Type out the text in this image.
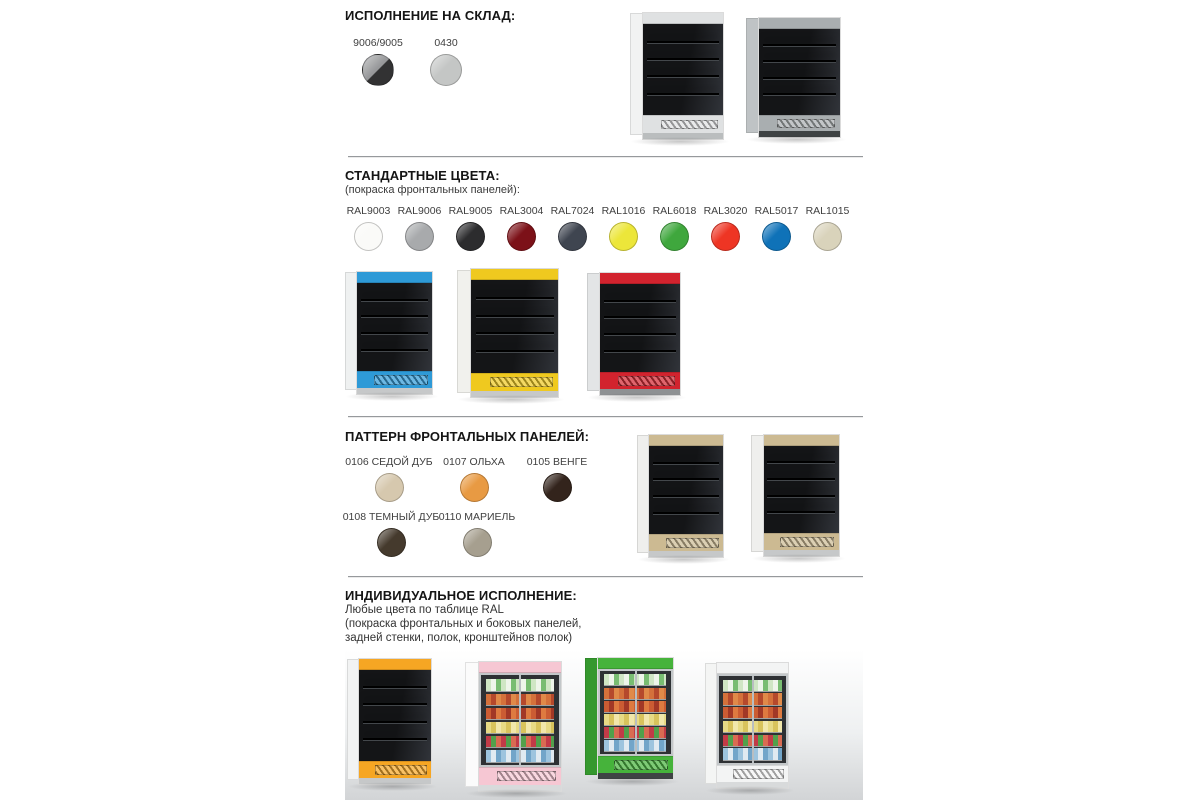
ИСПОЛНЕНИЕ НА СКЛАД:
9006/9005	0430
СТАНДАРТНЫЕ ЦВЕТА:
(покраска фронтальных панелей):
RAL9003 RAL9006 RAL9005 RAL3004 RAL7024 RAL1016 RAL6018 RAL3020 RAL5017 RAL1015
ПАТТЕРН ФРОНТАЛЬНЫХ ПАНЕЛЕЙ:
0106 СЕДОЙ ДУБ 0107 ОЛЬХА 0105 ВЕНГЕ
0108 ТЕМНЫЙ ДУБ 0110 МАРИЕЛЬ
ИНДИВИДУАЛЬНОЕ ИСПОЛНЕНИЕ:
Любые цвета по таблице RAL
(покраска фронтальных и боковых панелей,
задней стенки, полок, кронштейнов полок)
